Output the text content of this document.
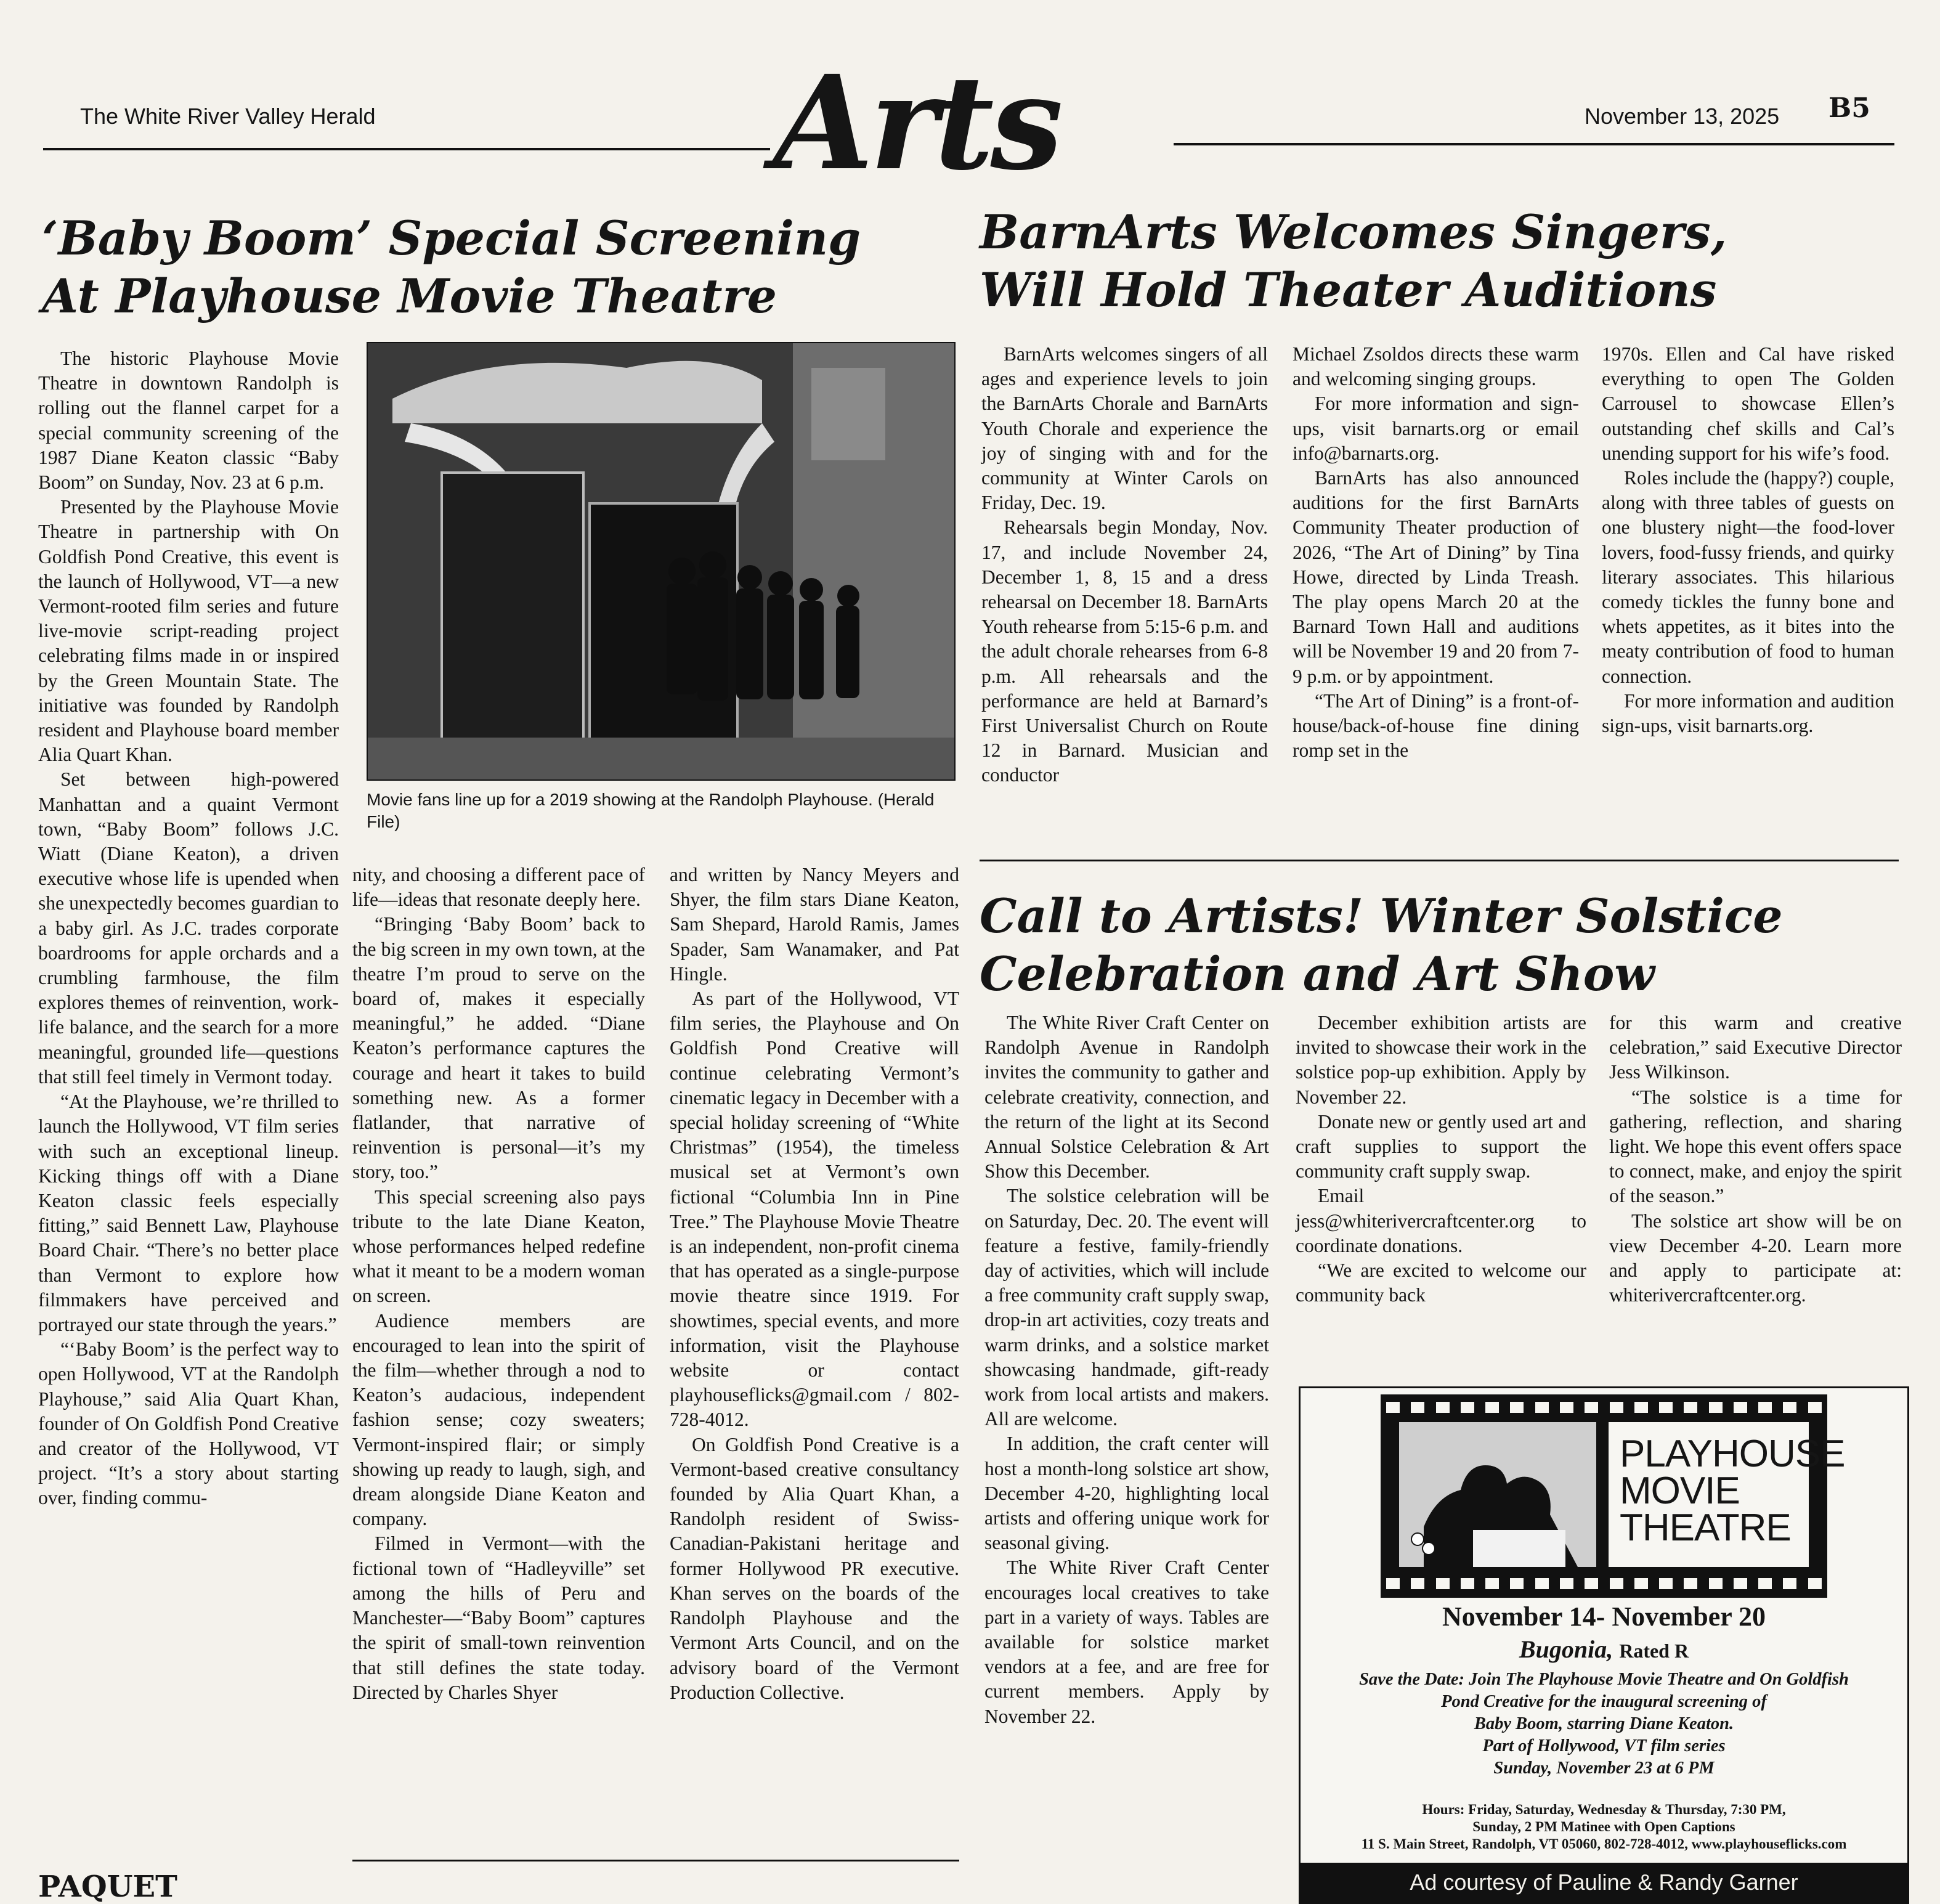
The White River Valley Herald	Arts	November 13, 2025 B5
‘Baby Boom’ Special Screening
At Playhouse Movie Theatre
BarnArts Welcomes Singers,
Will Hold Theater Auditions

The historic Playhouse Movie Theatre in downtown Randolph is rolling out the flannel carpet for a special community screening of the 1987 Diane Keaton classic “Baby Boom” on Sunday, Nov. 23 at 6 p.m.

Presented by the Playhouse Movie Theatre in partnership with On Goldfish Pond Creative, this event is the launch of Hollywood, VT—a new Vermont-rooted film series and future live-movie script-reading project celebrating films made in or inspired by the Green Mountain State. The initiative was founded by Randolph resident and Playhouse board member Alia Quart Khan.

Set between high-powered Manhattan and a quaint Vermont town, “Baby Boom” follows J.C. Wiatt (Diane Keaton), a driven executive whose life is upended when she unexpectedly becomes guardian to a baby girl. As J.C. trades corporate boardrooms for apple orchards and a crumbling farmhouse, the film explores themes of reinvention, work-life balance, and the search for a more meaningful, grounded life—questions that still feel timely in Vermont today.

“At the Playhouse, we’re thrilled to launch the Hollywood, VT film series with such an exceptional lineup. Kicking things off with a Diane Keaton classic feels especially fitting,” said Bennett Law, Playhouse Board Chair. “There’s no better place than Vermont to explore how filmmakers have perceived and portrayed our state through the years.”

“‘Baby Boom’ is the perfect way to open Hollywood, VT at the Randolph Playhouse,” said Alia Quart Khan, founder of On Goldfish Pond Creative and creator of the Hollywood, VT project. “It’s a story about starting over, finding commu-

Movie fans line up for a 2019 showing at the Randolph Playhouse. (Herald File)

nity, and choosing a different pace of life—ideas that resonate deeply here.

“Bringing ‘Baby Boom’ back to the big screen in my own town, at the theatre I’m proud to serve on the board of, makes it especially meaningful,” he added. “Diane Keaton’s performance captures the courage and heart it takes to build something new. As a former flatlander, that narrative of reinvention is personal—it’s my story, too.”

This special screening also pays tribute to the late Diane Keaton, whose performances helped redefine what it meant to be a modern woman on screen.

Audience members are encouraged to lean into the spirit of the film—whether through a nod to Keaton’s audacious, independent fashion sense; cozy sweaters; Vermont-inspired flair; or simply showing up ready to laugh, sigh, and dream alongside Diane Keaton and company.

Filmed in Vermont—with the fictional town of “Hadleyville” set among the hills of Peru and Manchester—“Baby Boom” captures the spirit of small-town reinvention that still defines the state today. Directed by Charles Shyer

and written by Nancy Meyers and Shyer, the film stars Diane Keaton, Sam Shepard, Harold Ramis, James Spader, Sam Wanamaker, and Pat Hingle.

As part of the Hollywood, VT film series, the Playhouse and On Goldfish Pond Creative will continue celebrating Vermont’s cinematic legacy in December with a special holiday screening of “White Christmas” (1954), the timeless musical set at Vermont’s own fictional “Columbia Inn in Pine Tree.” The Playhouse Movie Theatre is an independent, non-profit cinema that has operated as a single-purpose movie theatre since 1919. For showtimes, special events, and more information, visit the Playhouse website or contact playhouseflicks@gmail.com / 802-728-4012.

On Goldfish Pond Creative is a Vermont-based creative consultancy founded by Alia Quart Khan, a Randolph resident of Swiss-Canadian-Pakistani heritage and former Hollywood PR executive. Khan serves on the boards of the Randolph Playhouse and the Vermont Arts Council, and on the advisory board of the Vermont Production Collective.

BarnArts welcomes singers of all ages and experience levels to join the BarnArts Chorale and BarnArts Youth Chorale and experience the joy of singing with and for the community at Winter Carols on Friday, Dec. 19.

Rehearsals begin Monday, Nov. 17, and include November 24, December 1, 8, 15 and a dress rehearsal on December 18. BarnArts Youth rehearse from 5:15-6 p.m. and the adult chorale rehearses from 6-8 p.m. All rehearsals and the performance are held at Barnard’s First Universalist Church on Route 12 in Barnard. Musician and conductor

Michael Zsoldos directs these warm and welcoming singing groups.

For more information and sign-ups, visit barnarts.org or email info@barnarts.org.

BarnArts has also announced auditions for the first BarnArts Community Theater production of 2026, “The Art of Dining” by Tina Howe, directed by Linda Treash. The play opens March 20 at the Barnard Town Hall and auditions will be November 19 and 20 from 7-9 p.m. or by appointment.

“The Art of Dining” is a front-of-house/back-of-house fine dining romp set in the

1970s. Ellen and Cal have risked everything to open The Golden Carrousel to showcase Ellen’s outstanding chef skills and Cal’s unending support for his wife’s food.

Roles include the (happy?) couple, along with three tables of guests on one blustery night—the food-lover lovers, food-fussy friends, and quirky literary associates. This hilarious comedy tickles the funny bone and whets appetites, as it bites into the meaty contribution of food to human connection.

For more information and audition sign-ups, visit barnarts.org.

Call to Artists! Winter Solstice
Celebration and Art Show

The White River Craft Center on Randolph Avenue in Randolph invites the community to gather and celebrate creativity, connection, and the return of the light at its Second Annual Solstice Celebration & Art Show this December.

The solstice celebration will be on Saturday, Dec. 20. The event will feature a festive, family-friendly day of activities, which will include a free community craft supply swap, drop-in art activities, cozy treats and warm drinks, and a solstice market showcasing handmade, gift-ready work from local artists and makers. All are welcome.

In addition, the craft center will host a month-long solstice art show, December 4-20, highlighting local artists and offering unique work for seasonal giving.

The White River Craft Center encourages local creatives to take part in a variety of ways. Tables are available for solstice market vendors at a fee, and are free for current members. Apply by November 22.

December exhibition artists are invited to showcase their work in the solstice pop-up exhibition. Apply by November 22.

Donate new or gently used art and craft supplies to support the community craft supply swap.

Email jess@whiterivercraftcenter.org to coordinate donations.

“We are excited to welcome our community back

for this warm and creative celebration,” said Executive Director Jess Wilkinson.

“The solstice is a time for gathering, reflection, and sharing light. We hope this event offers space to connect, make, and enjoy the spirit of the season.”

The solstice art show will be on view December 4-20. Learn more and apply to participate at: whiterivercraftcenter.org.

PLAYHOUSE
MOVIE
THEATRE
November 14- November 20
Bugonia, Rated R
Save the Date: Join The Playhouse Movie Theatre and On Goldfish
Pond Creative for the inaugural screening of
Baby Boom, starring Diane Keaton.
Part of Hollywood, VT film series
Sunday, November 23 at 6 PM
Hours: Friday, Saturday, Wednesday & Thursday, 7:30 PM,
Sunday, 2 PM Matinee with Open Captions
11 S. Main Street, Randolph, VT 05060, 802-728-4012, www.playhouseflicks.com
Ad courtesy of Pauline & Randy Garner
PAQUET
